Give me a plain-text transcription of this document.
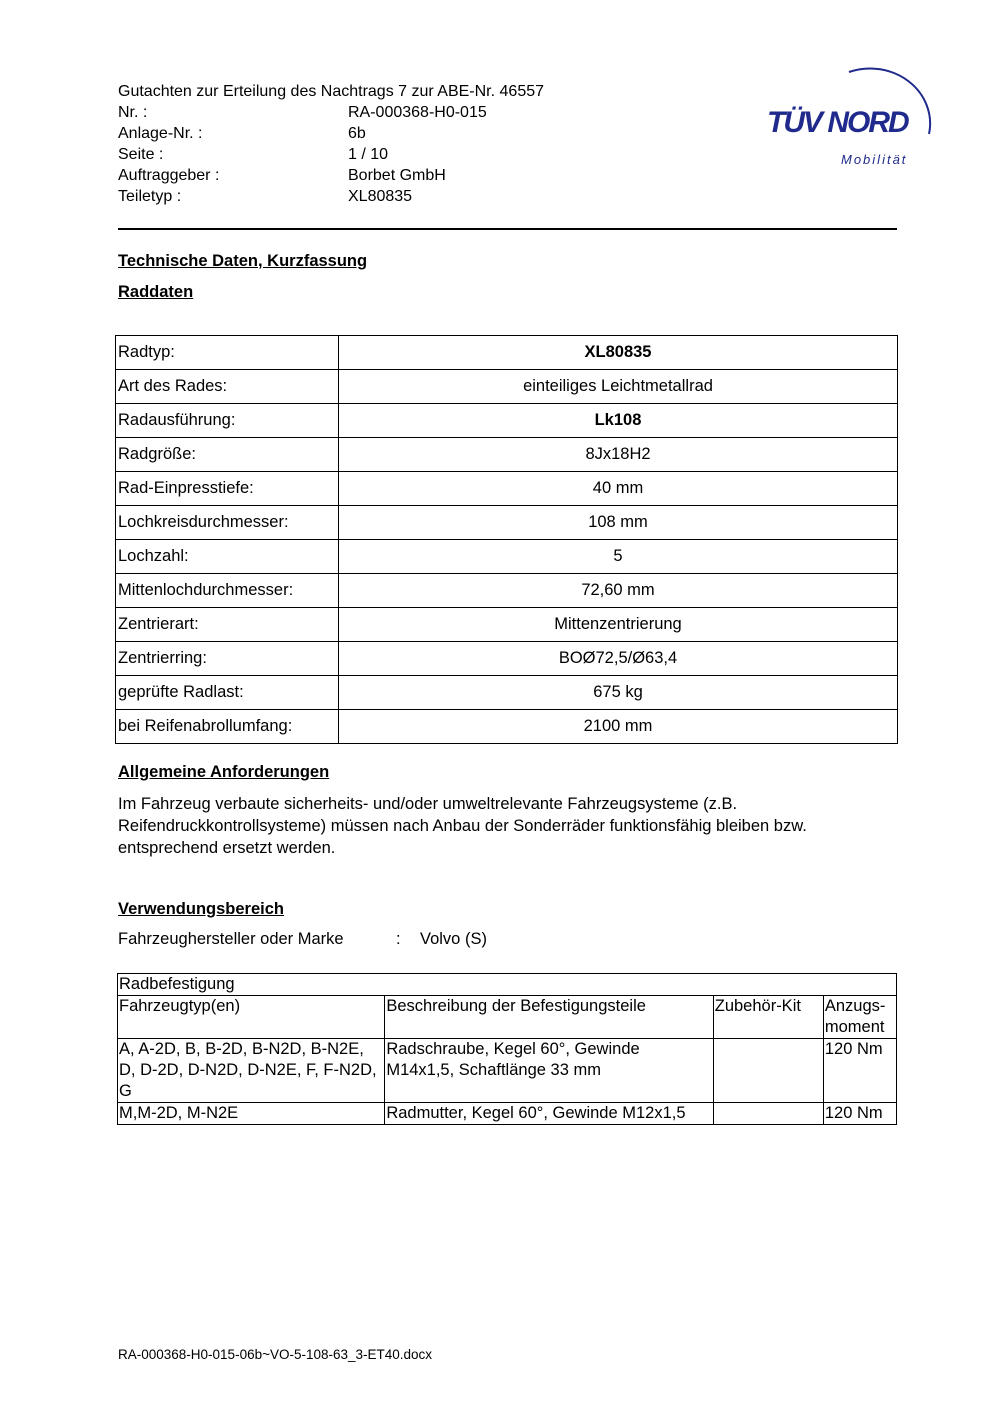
Gutachten zur Erteilung des Nachtrags 7 zur ABE-Nr. 46557
Nr. :	RA-000368-H0-015
Anlage-Nr. :	6b
Seite :	1 / 10
Auftraggeber :	Borbet GmbH
Teiletyp :	XL80835
TÜV NORD
Mobilität
Technische Daten, Kurzfassung
Raddaten
Radtyp:	XL80835
Art des Rades:	einteiliges Leichtmetallrad
Radausführung:	Lk108
Radgröße:	8Jx18H2
Rad-Einpresstiefe:	40 mm
Lochkreisdurchmesser:	108 mm
Lochzahl:	5
Mittenlochdurchmesser:	72,60 mm
Zentrierart:	Mittenzentrierung
Zentrierring:	BOØ72,5/Ø63,4
geprüfte Radlast:	675 kg
bei Reifenabrollumfang:	2100 mm
Allgemeine Anforderungen
Im Fahrzeug verbaute sicherheits- und/oder umweltrelevante Fahrzeugsysteme (z.B. Reifendruckkontrollsysteme) müssen nach Anbau der Sonderräder funktionsfähig bleiben bzw. entsprechend ersetzt werden.
Verwendungsbereich
Fahrzeughersteller oder Marke	: Volvo (S)
Radbefestigung			
Fahrzeugtyp(en)	Beschreibung der Befestigungsteile	Zubehör-Kit	Anzugs-moment
A, A-2D, B, B-2D, B-N2D, B-N2E, D, D-2D, D-N2D, D-N2E, F, F-N2D, G	Radschraube, Kegel 60°, Gewinde M14x1,5, Schaftlänge 33 mm		120 Nm
M,M-2D, M-N2E	Radmutter, Kegel 60°, Gewinde M12x1,5		120 Nm
RA-000368-H0-015-06b~VO-5-108-63_3-ET40.docx
